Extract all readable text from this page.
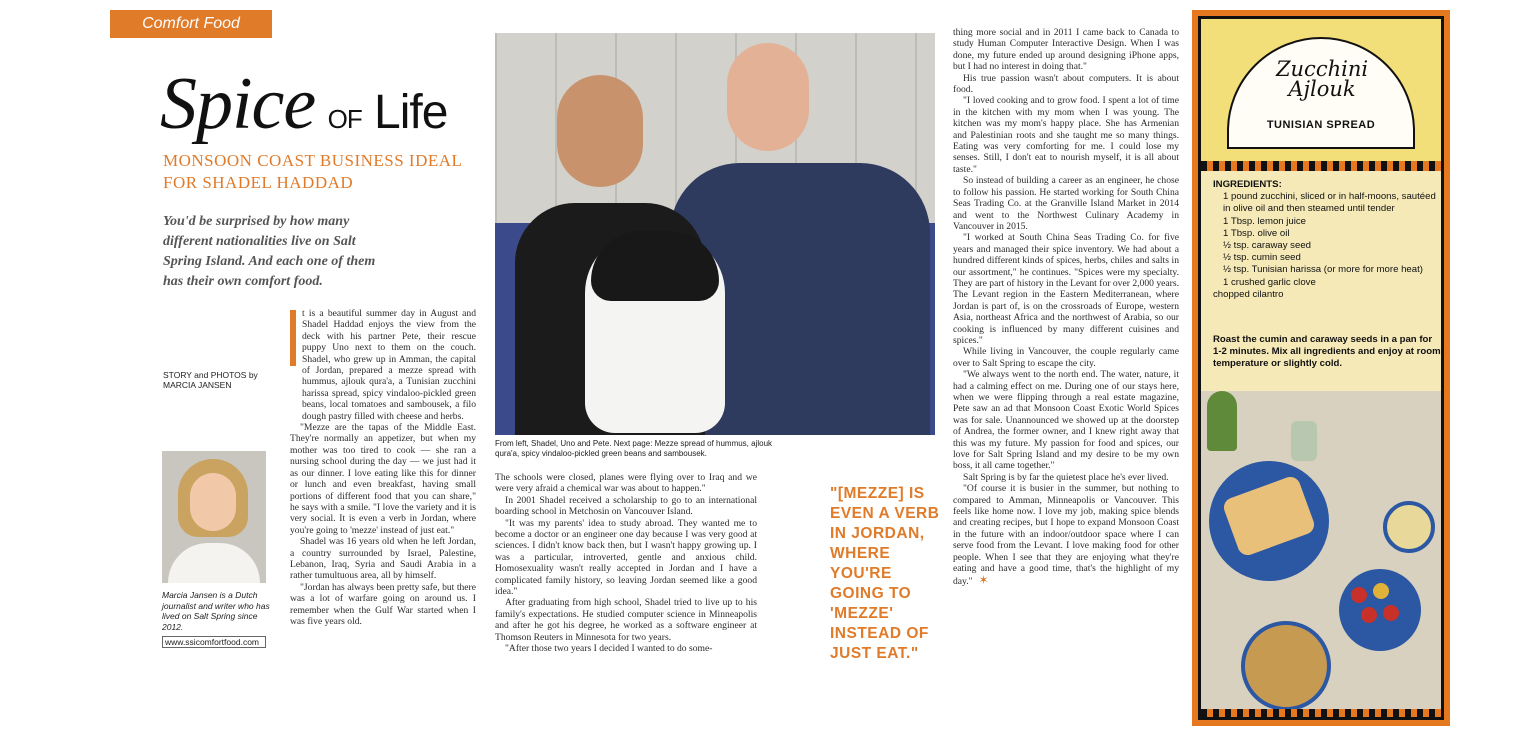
Comfort Food
Spice OF Life
MONSOON COAST BUSINESS IDEAL FOR SHADEL HADDAD
You'd be surprised by how many different nationalities live on Salt Spring Island. And each one of them has their own comfort food.
STORY and PHOTOS by MARCIA JANSEN
Marcia Jansen is a Dutch journalist and writer who has lived on Salt Spring since 2012.
www.ssicomfortfood.com

t is a beautiful summer day in August and Shadel Haddad enjoys the view from the deck with his partner Pete, their rescue puppy Uno next to them on the couch. Shadel, who grew up in Amman, the capital of Jordan, prepared a mezze spread with hummus, ajlouk qura'a, a Tunisian zucchini harissa spread, spicy vindaloo-pickled green beans, local tomatoes and sambousek, a filo dough pastry filled with cheese and herbs.

"Mezze are the tapas of the Middle East. They're normally an appetizer, but when my mother was too tired to cook — she ran a nursing school during the day — we just had it as our dinner. I love eating like this for dinner or lunch and even breakfast, having small portions of different food that you can share," he says with a smile. "I love the variety and it is very social. It is even a verb in Jordan, where you're going to 'mezze' instead of just eat."

Shadel was 16 years old when he left Jordan, a country surrounded by Israel, Palestine, Lebanon, Iraq, Syria and Saudi Arabia in a rather tumultuous area, all by himself.

"Jordan has always been pretty safe, but there was a lot of warfare going on around us. I remember when the Gulf War started when I was five years old.

From left, Shadel, Uno and Pete. Next page: Mezze spread of hummus, ajlouk qura'a, spicy vindaloo-pickled green beans and sambousek.

The schools were closed, planes were flying over to Iraq and we were very afraid a chemical war was about to happen."

In 2001 Shadel received a scholarship to go to an international boarding school in Metchosin on Vancouver Island.

"It was my parents' idea to study abroad. They wanted me to become a doctor or an engineer one day because I was very good at sciences. I didn't know back then, but I wasn't happy growing up. I was a particular, introverted, gentle and anxious child. Homosexuality wasn't really accepted in Jordan and I have a complicated family history, so leaving Jordan seemed like a good idea."

After graduating from high school, Shadel tried to live up to his family's expectations. He studied computer science in Minneapolis and after he got his degree, he worked as a software engineer at Thomson Reuters in Minnesota for two years.

"After those two years I decided I wanted to do some-

"[MEZZE] IS EVEN A VERB IN JORDAN, WHERE YOU'RE GOING TO 'MEZZE' INSTEAD OF JUST EAT."

thing more social and in 2011 I came back to Canada to study Human Computer Interactive Design. When I was done, my future ended up around designing iPhone apps, but I had no interest in doing that."

His true passion wasn't about computers. It is about food.

"I loved cooking and to grow food. I spent a lot of time in the kitchen with my mom when I was young. The kitchen was my mom's happy place. She has Armenian and Palestinian roots and she taught me so many things. Eating was very comforting for me. I could lose my senses. Still, I don't eat to nourish myself, it is all about taste."

So instead of building a career as an engineer, he chose to follow his passion. He started working for South China Seas Trading Co. at the Granville Island Market in 2014 and went to the Northwest Culinary Academy in Vancouver in 2015.

"I worked at South China Seas Trading Co. for five years and managed their spice inventory. We had about a hundred different kinds of spices, herbs, chiles and salts in our assortment," he continues. "Spices were my specialty. They are part of history in the Levant for over 2,000 years. The Levant region in the Eastern Mediterranean, where Jordan is part of, is on the crossroads of Europe, western Asia, northeast Africa and the northwest of Arabia, so our cooking is influenced by many different cuisines and spices."

While living in Vancouver, the couple regularly came over to Salt Spring to escape the city.

"We always went to the north end. The water, nature, it had a calming effect on me. During one of our stays here, when we were flipping through a real estate magazine, Pete saw an ad that Monsoon Coast Exotic World Spices was for sale. Unannounced we showed up at the doorstep of Andrea, the former owner, and I knew right away that this was my future. My passion for food and spices, our love for Salt Spring Island and my desire to be my own boss, it all came together."

Salt Spring is by far the quietest place he's ever lived.

"Of course it is busier in the summer, but nothing to compared to Amman, Minneapolis or Vancouver. This feels like home now. I love my job, making spice blends and creating recipes, but I hope to expand Monsoon Coast in the future with an indoor/outdoor space where I can serve food from the Levant. I love making food for other people. When I see that they are enjoying what they're eating and have a good time, that's the highlight of my day." ✶

Zucchini
Ajlouk
TUNISIAN SPREAD
INGREDIENTS:
1 pound zucchini, sliced or in half-moons, sautéed in olive oil and then steamed until tender
1 Tbsp. lemon juice
1 Tbsp. olive oil
½ tsp. caraway seed
½ tsp. cumin seed
½ tsp. Tunisian harissa (or more for more heat)
1 crushed garlic clove
chopped cilantro
Roast the cumin and caraway seeds in a pan for 1-2 minutes. Mix all ingredients and enjoy at room temperature or slightly cold.
